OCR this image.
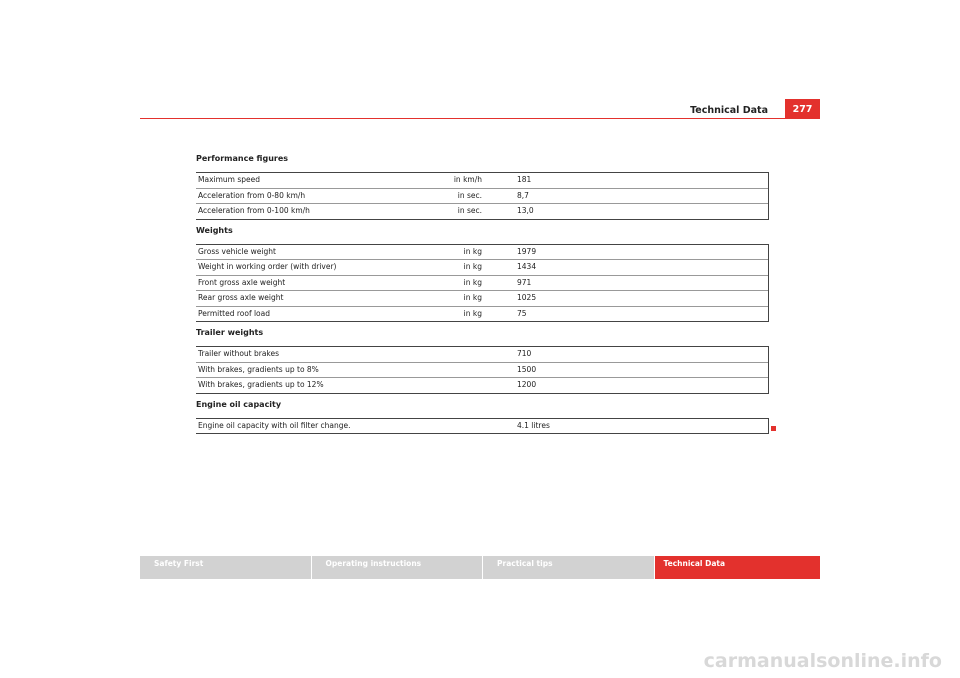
Technical Data	277
Performance figures
Maximum speed	in km/h	181
Acceleration from 0-80 km/h	in sec.	8,7
Acceleration from 0-100 km/h	in sec.	13,0
Weights
Gross vehicle weight	in kg	1979
Weight in working order (with driver)	in kg	1434
Front gross axle weight	in kg	971
Rear gross axle weight	in kg	1025
Permitted roof load	in kg	75
Trailer weights
Trailer without brakes	710
With brakes, gradients up to 8%	1500
With brakes, gradients up to 12%	1200
Engine oil capacity
Engine oil capacity with oil filter change.	4.1 litres
Safety First	Operating instructions	Practical tips	Technical Data
carmanualsonline.info
